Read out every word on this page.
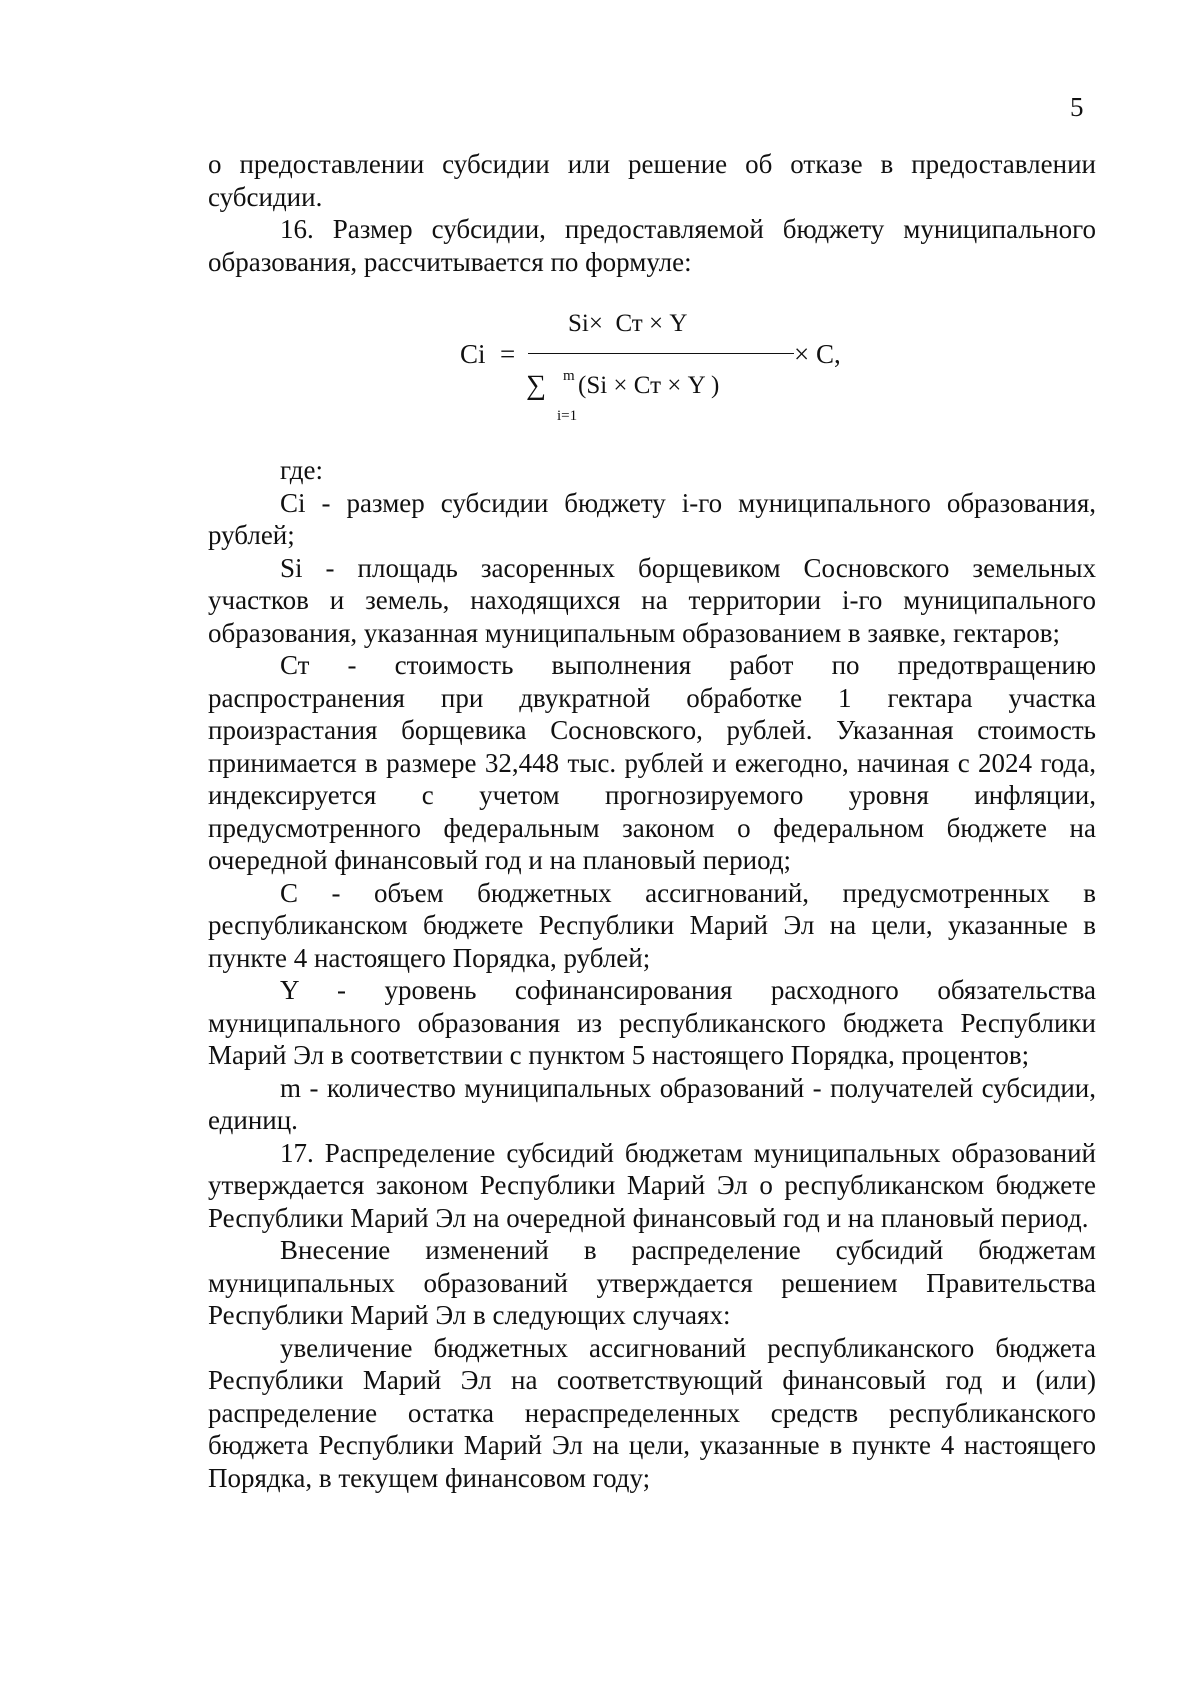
5

о предоставлении субсидии или решение об отказе в предоставлении субсидии.

16. Размер субсидии, предоставляемой бюджету муниципального образования, рассчитывается по формуле:

Ci =
Si×  Ст × Y
× C,
∑ m
i=1
(Si × Ст × Y )

где:

Ci - размер субсидии бюджету i-го муниципального образования, рублей;

Si - площадь засоренных борщевиком Сосновского земельных участков и земель, находящихся на территории i-го муниципального образования, указанная муниципальным образованием в заявке, гектаров;

Ст - стоимость выполнения работ по предотвращению распространения при двукратной обработке 1 гектара участка произрастания борщевика Сосновского, рублей. Указанная стоимость принимается в размере 32,448 тыс. рублей и ежегодно, начиная с 2024 года, индексируется с учетом прогнозируемого уровня инфляции, предусмотренного федеральным законом о федеральном бюджете на очередной финансовый год и на плановый период;

C - объем бюджетных ассигнований, предусмотренных в республиканском бюджете Республики Марий Эл на цели, указанные в пункте 4 настоящего Порядка, рублей;

Y - уровень софинансирования расходного обязательства муниципального образования из республиканского бюджета Республики Марий Эл в соответствии с пунктом 5 настоящего Порядка, процентов;

m - количество муниципальных образований - получателей субсидии, единиц.

17. Распределение субсидий бюджетам муниципальных образований утверждается законом Республики Марий Эл о республиканском бюджете Республики Марий Эл на очередной финансовый год и на плановый период.

Внесение изменений в распределение субсидий бюджетам муниципальных образований утверждается решением Правительства Республики Марий Эл в следующих случаях:

увеличение бюджетных ассигнований республиканского бюджета Республики Марий Эл на соответствующий финансовый год и (или) распределение остатка нераспределенных средств республиканского бюджета Республики Марий Эл на цели, указанные в пункте 4 настоящего Порядка, в текущем финансовом году;
